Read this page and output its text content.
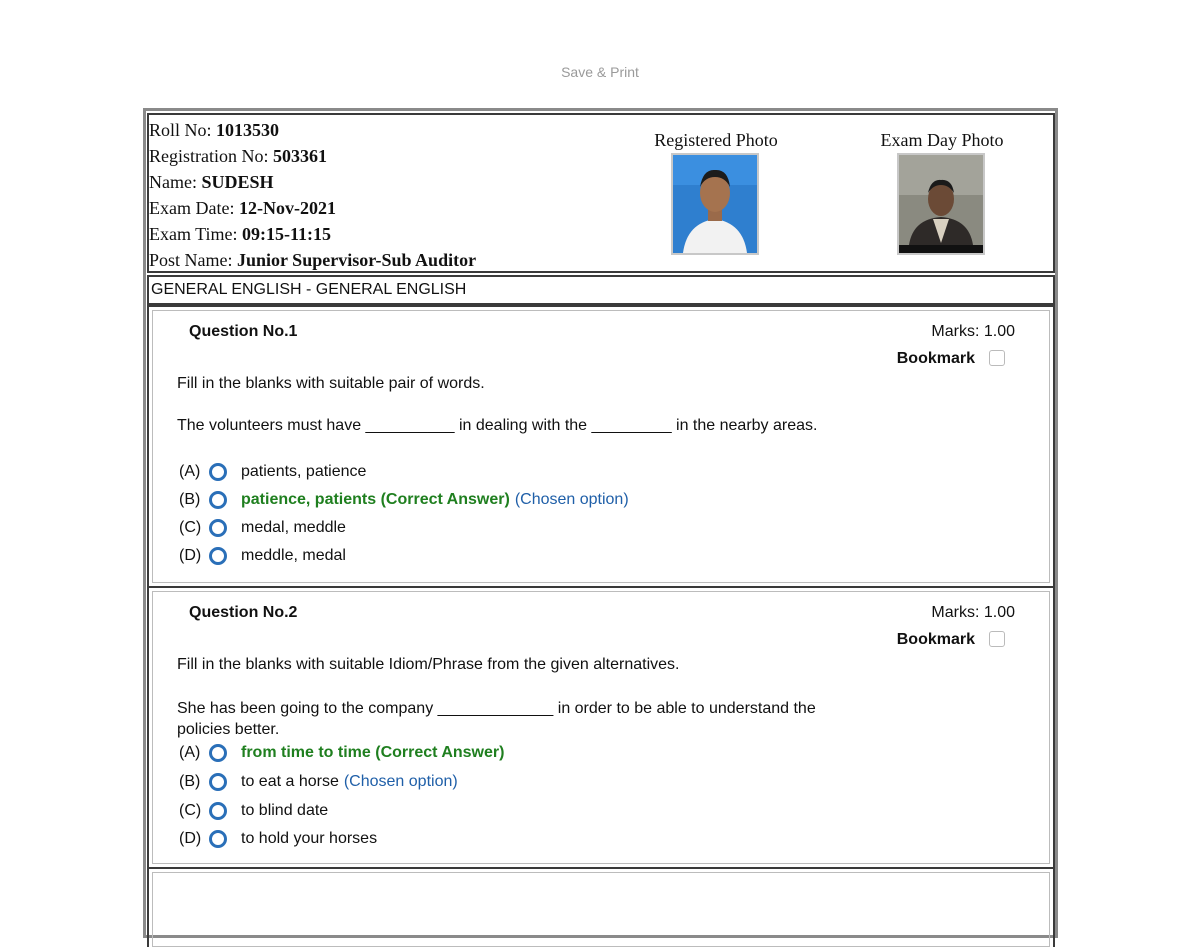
Save & Print
Roll No: 1013530
Registration No: 503361
Name: SUDESH
Exam Date: 12-Nov-2021
Exam Time: 09:15-11:15
Post Name: Junior Supervisor-Sub Auditor
Registered Photo	Exam Day Photo
GENERAL ENGLISH - GENERAL ENGLISH
Question No.1	Marks: 1.00
Bookmark
Fill in the blanks with suitable pair of words.
The volunteers must have __________ in dealing with the _________ in the nearby areas.
(A)	patients, patience
(B)	patience, patients (Correct Answer) (Chosen option)
(C)	medal, meddle
(D)	meddle, medal
Question No.2	Marks: 1.00
Bookmark
Fill in the blanks with suitable Idiom/Phrase from the given alternatives.
She has been going to the company _____________ in order to be able to understand the policies better.
(A)	from time to time (Correct Answer)
(B)	to eat a horse (Chosen option)
(C)	to blind date
(D)	to hold your horses
